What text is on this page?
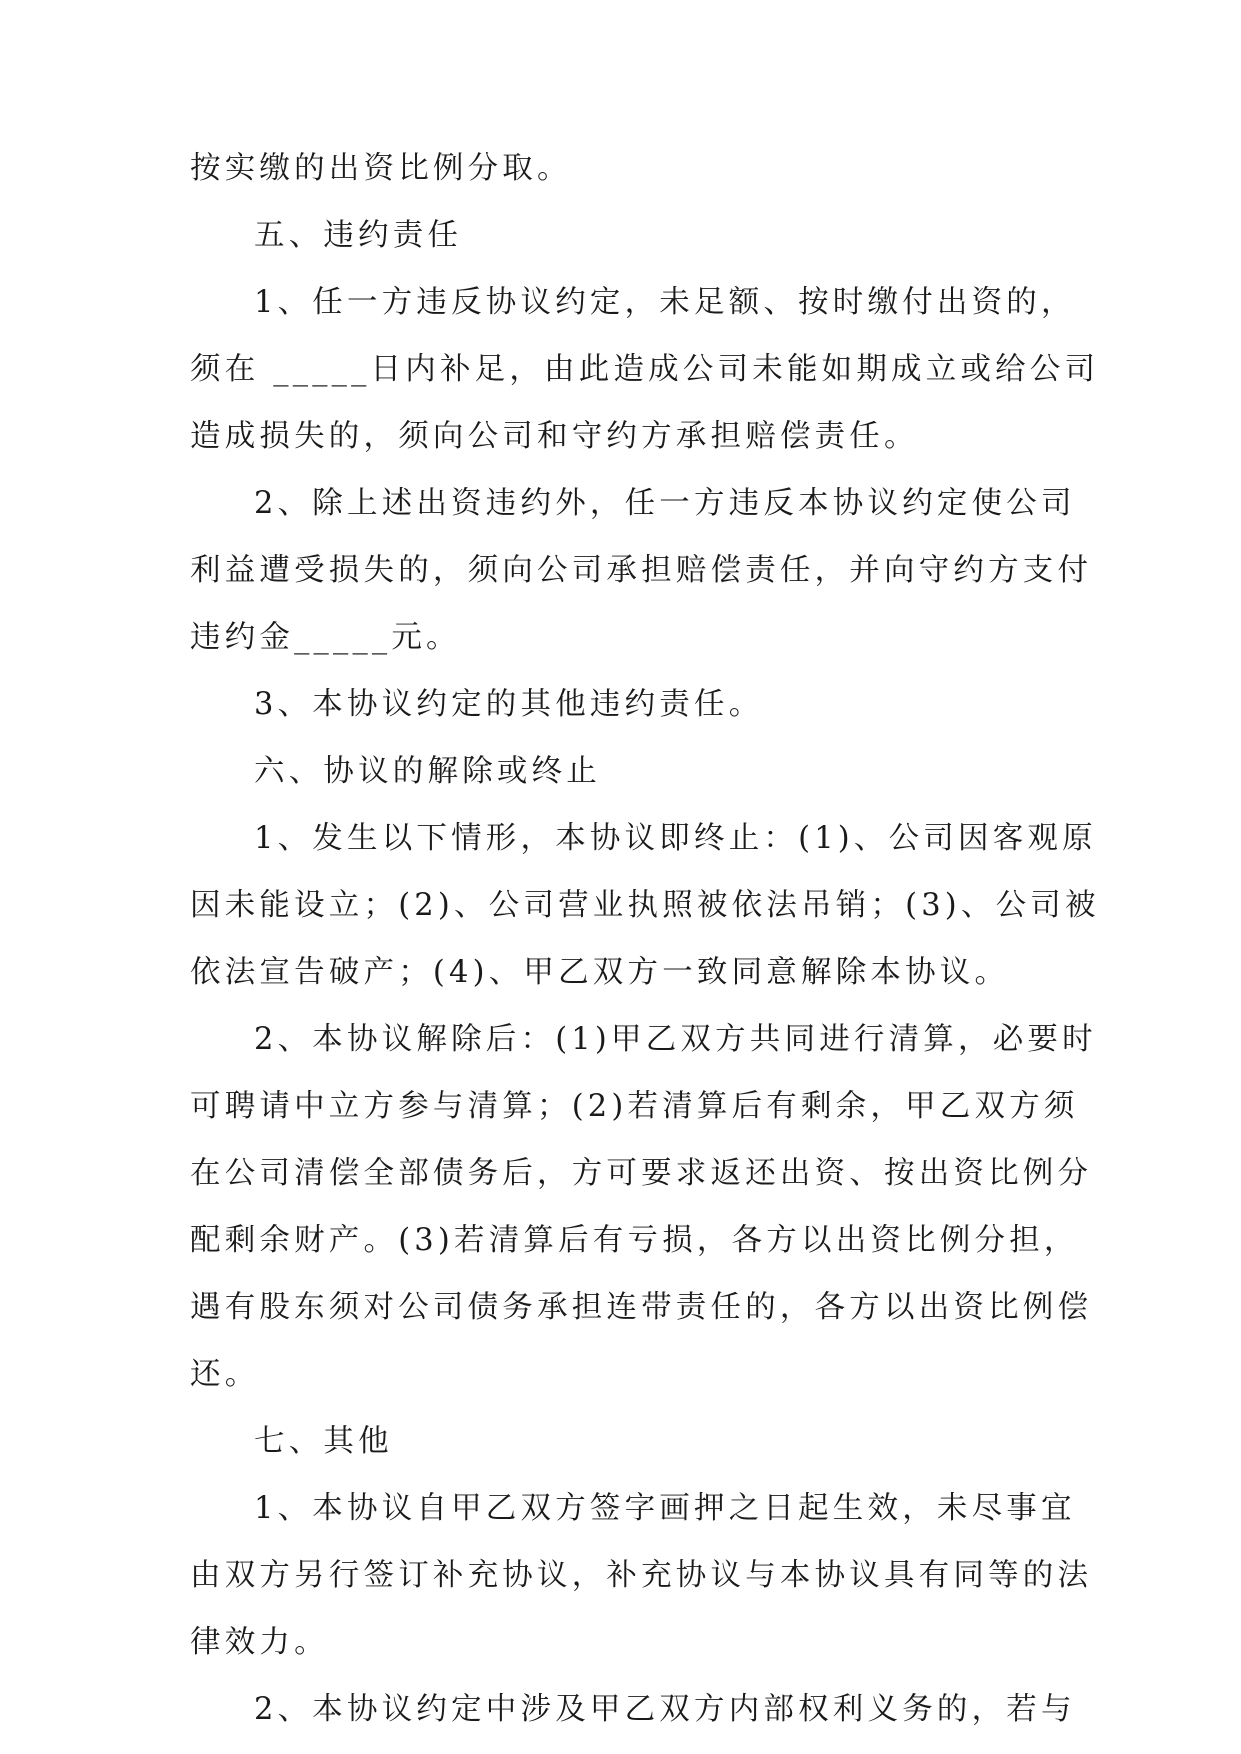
按实缴的出资比例分取。
五、违约责任
1、任一方违反协议约定，未足额、按时缴付出资的，
须在 _____日内补足，由此造成公司未能如期成立或给公司
造成损失的，须向公司和守约方承担赔偿责任。
2、除上述出资违约外，任一方违反本协议约定使公司
利益遭受损失的，须向公司承担赔偿责任，并向守约方支付
违约金_____元。
3、本协议约定的其他违约责任。
六、协议的解除或终止
1、发生以下情形，本协议即终止：(1)、公司因客观原
因未能设立；(2)、公司营业执照被依法吊销；(3)、公司被
依法宣告破产；(4)、甲乙双方一致同意解除本协议。
2、本协议解除后：(1)甲乙双方共同进行清算，必要时
可聘请中立方参与清算；(2)若清算后有剩余，甲乙双方须
在公司清偿全部债务后，方可要求返还出资、按出资比例分
配剩余财产。(3)若清算后有亏损，各方以出资比例分担，
遇有股东须对公司债务承担连带责任的，各方以出资比例偿
还。
七、其他
1、本协议自甲乙双方签字画押之日起生效，未尽事宜
由双方另行签订补充协议，补充协议与本协议具有同等的法
律效力。
2、本协议约定中涉及甲乙双方内部权利义务的，若与
